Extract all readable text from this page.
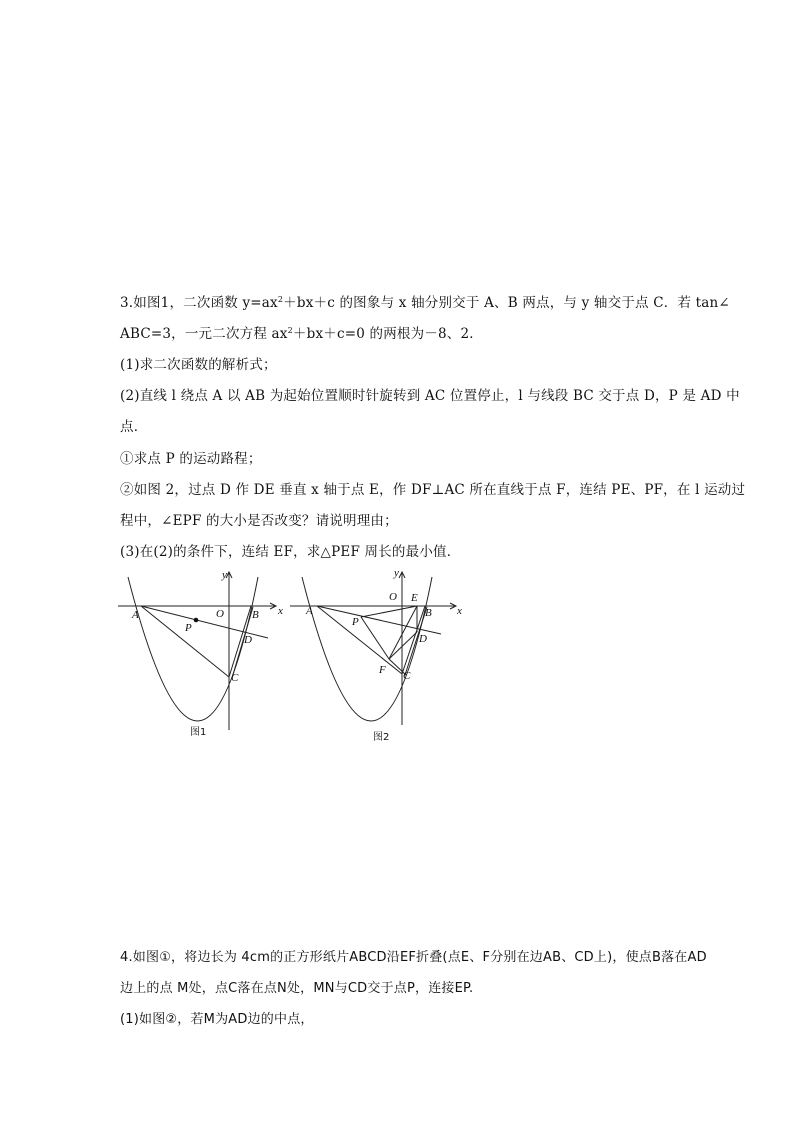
3.如图1，二次函数 $y=ax^2+bx+c$ 的图象与 x 轴分别交于 A、B 两点，与 y 轴交于点 C．若 tan∠
ABC=3，一元二次方程 $ax^2+bx+c=0$ 的两根为－8、2．
(1)求二次函数的解析式；
(2)直线 l 绕点 A 以 AB 为起始位置顺时针旋转到 AC 位置停止，l 与线段 BC 交于点 D，P 是 AD 中
点．
①求点 P 的运动路程；
②如图 2，过点 D 作 DE 垂直 x 轴于点 E，作 DF⊥AC 所在直线于点 F，连结 PE、PF，在 l 运动过
程中，∠EPF 的大小是否改变？请说明理由；
(3)在(2)的条件下，连结 EF，求△PEF 周长的最小值．
y
x
O
A	B
P
D
C
图1
y
x
O E
A	B
P
D
F C
图2
4.如图①，将边长为 4cm的正方形纸片ABCD沿EF折叠(点E、F分别在边AB、CD上)，使点B落在AD
边上的点 M处，点C落在点N处，MN与CD交于点P，连接EP.
(1)如图②，若M为AD边的中点，
